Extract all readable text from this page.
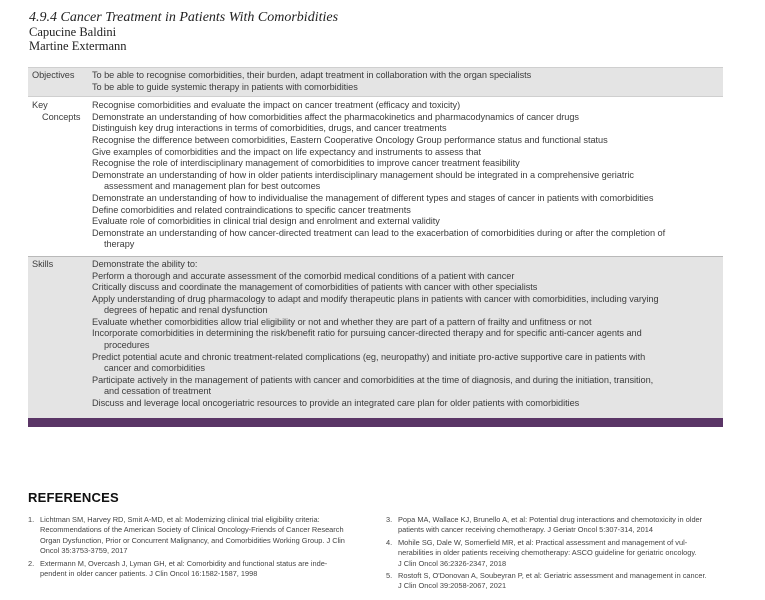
4.9.4 Cancer Treatment in Patients With Comorbidities
Capucine Baldini
Martine Extermann
Objectives	To be able to recognise comorbidities, their burden, adapt treatment in collaboration with the organ specialists
To be able to guide systemic therapy in patients with comorbidities
Key
Concepts
Recognise comorbidities and evaluate the impact on cancer treatment (efficacy and toxicity)
Demonstrate an understanding of how comorbidities affect the pharmacokinetics and pharmacodynamics of cancer drugs
Distinguish key drug interactions in terms of comorbidities, drugs, and cancer treatments
Recognise the difference between comorbidities, Eastern Cooperative Oncology Group performance status and functional status
Give examples of comorbidities and the impact on life expectancy and instruments to assess that
Recognise the role of interdisciplinary management of comorbidities to improve cancer treatment feasibility
Demonstrate an understanding of how in older patients interdisciplinary management should be integrated in a comprehensive geriatric
assessment and management plan for best outcomes
Demonstrate an understanding of how to individualise the management of different types and stages of cancer in patients with comorbidities
Define comorbidities and related contraindications to specific cancer treatments
Evaluate role of comorbidities in clinical trial design and enrolment and external validity
Demonstrate an understanding of how cancer-directed treatment can lead to the exacerbation of comorbidities during or after the completion of
therapy
Skills	Demonstrate the ability to:
Perform a thorough and accurate assessment of the comorbid medical conditions of a patient with cancer
Critically discuss and coordinate the management of comorbidities of patients with cancer with other specialists
Apply understanding of drug pharmacology to adapt and modify therapeutic plans in patients with cancer with comorbidities, including varying
degrees of hepatic and renal dysfunction
Evaluate whether comorbidities allow trial eligibility or not and whether they are part of a pattern of frailty and unfitness or not
Incorporate comorbidities in determining the risk/benefit ratio for pursuing cancer-directed therapy and for specific anti-cancer agents and
procedures
Predict potential acute and chronic treatment-related complications (eg, neuropathy) and initiate pro-active supportive care in patients with
cancer and comorbidities
Participate actively in the management of patients with cancer and comorbidities at the time of diagnosis, and during the initiation, transition,
and cessation of treatment
Discuss and leverage local oncogeriatric resources to provide an integrated care plan for older patients with comorbidities
REFERENCES
1. Lichtman SM, Harvey RD, Smit A-MD, et al: Modernizing clinical trial eligibility criteria:
Recommendations of the American Society of Clinical Oncology-Friends of Cancer Research
Organ Dysfunction, Prior or Concurrent Malignancy, and Comorbidities Working Group. J Clin
Oncol 35:3753-3759, 2017
2. Extermann M, Overcash J, Lyman GH, et al: Comorbidity and functional status are inde-
pendent in older cancer patients. J Clin Oncol 16:1582-1587, 1998
3. Popa MA, Wallace KJ, Brunello A, et al: Potential drug interactions and chemotoxicity in older
patients with cancer receiving chemotherapy. J Geriatr Oncol 5:307-314, 2014
4. Mohile SG, Dale W, Somerfield MR, et al: Practical assessment and management of vul-
nerabilities in older patients receiving chemotherapy: ASCO guideline for geriatric oncology.
J Clin Oncol 36:2326-2347, 2018
5. Rostoft S, O'Donovan A, Soubeyran P, et al: Geriatric assessment and management in cancer.
J Clin Oncol 39:2058-2067, 2021
